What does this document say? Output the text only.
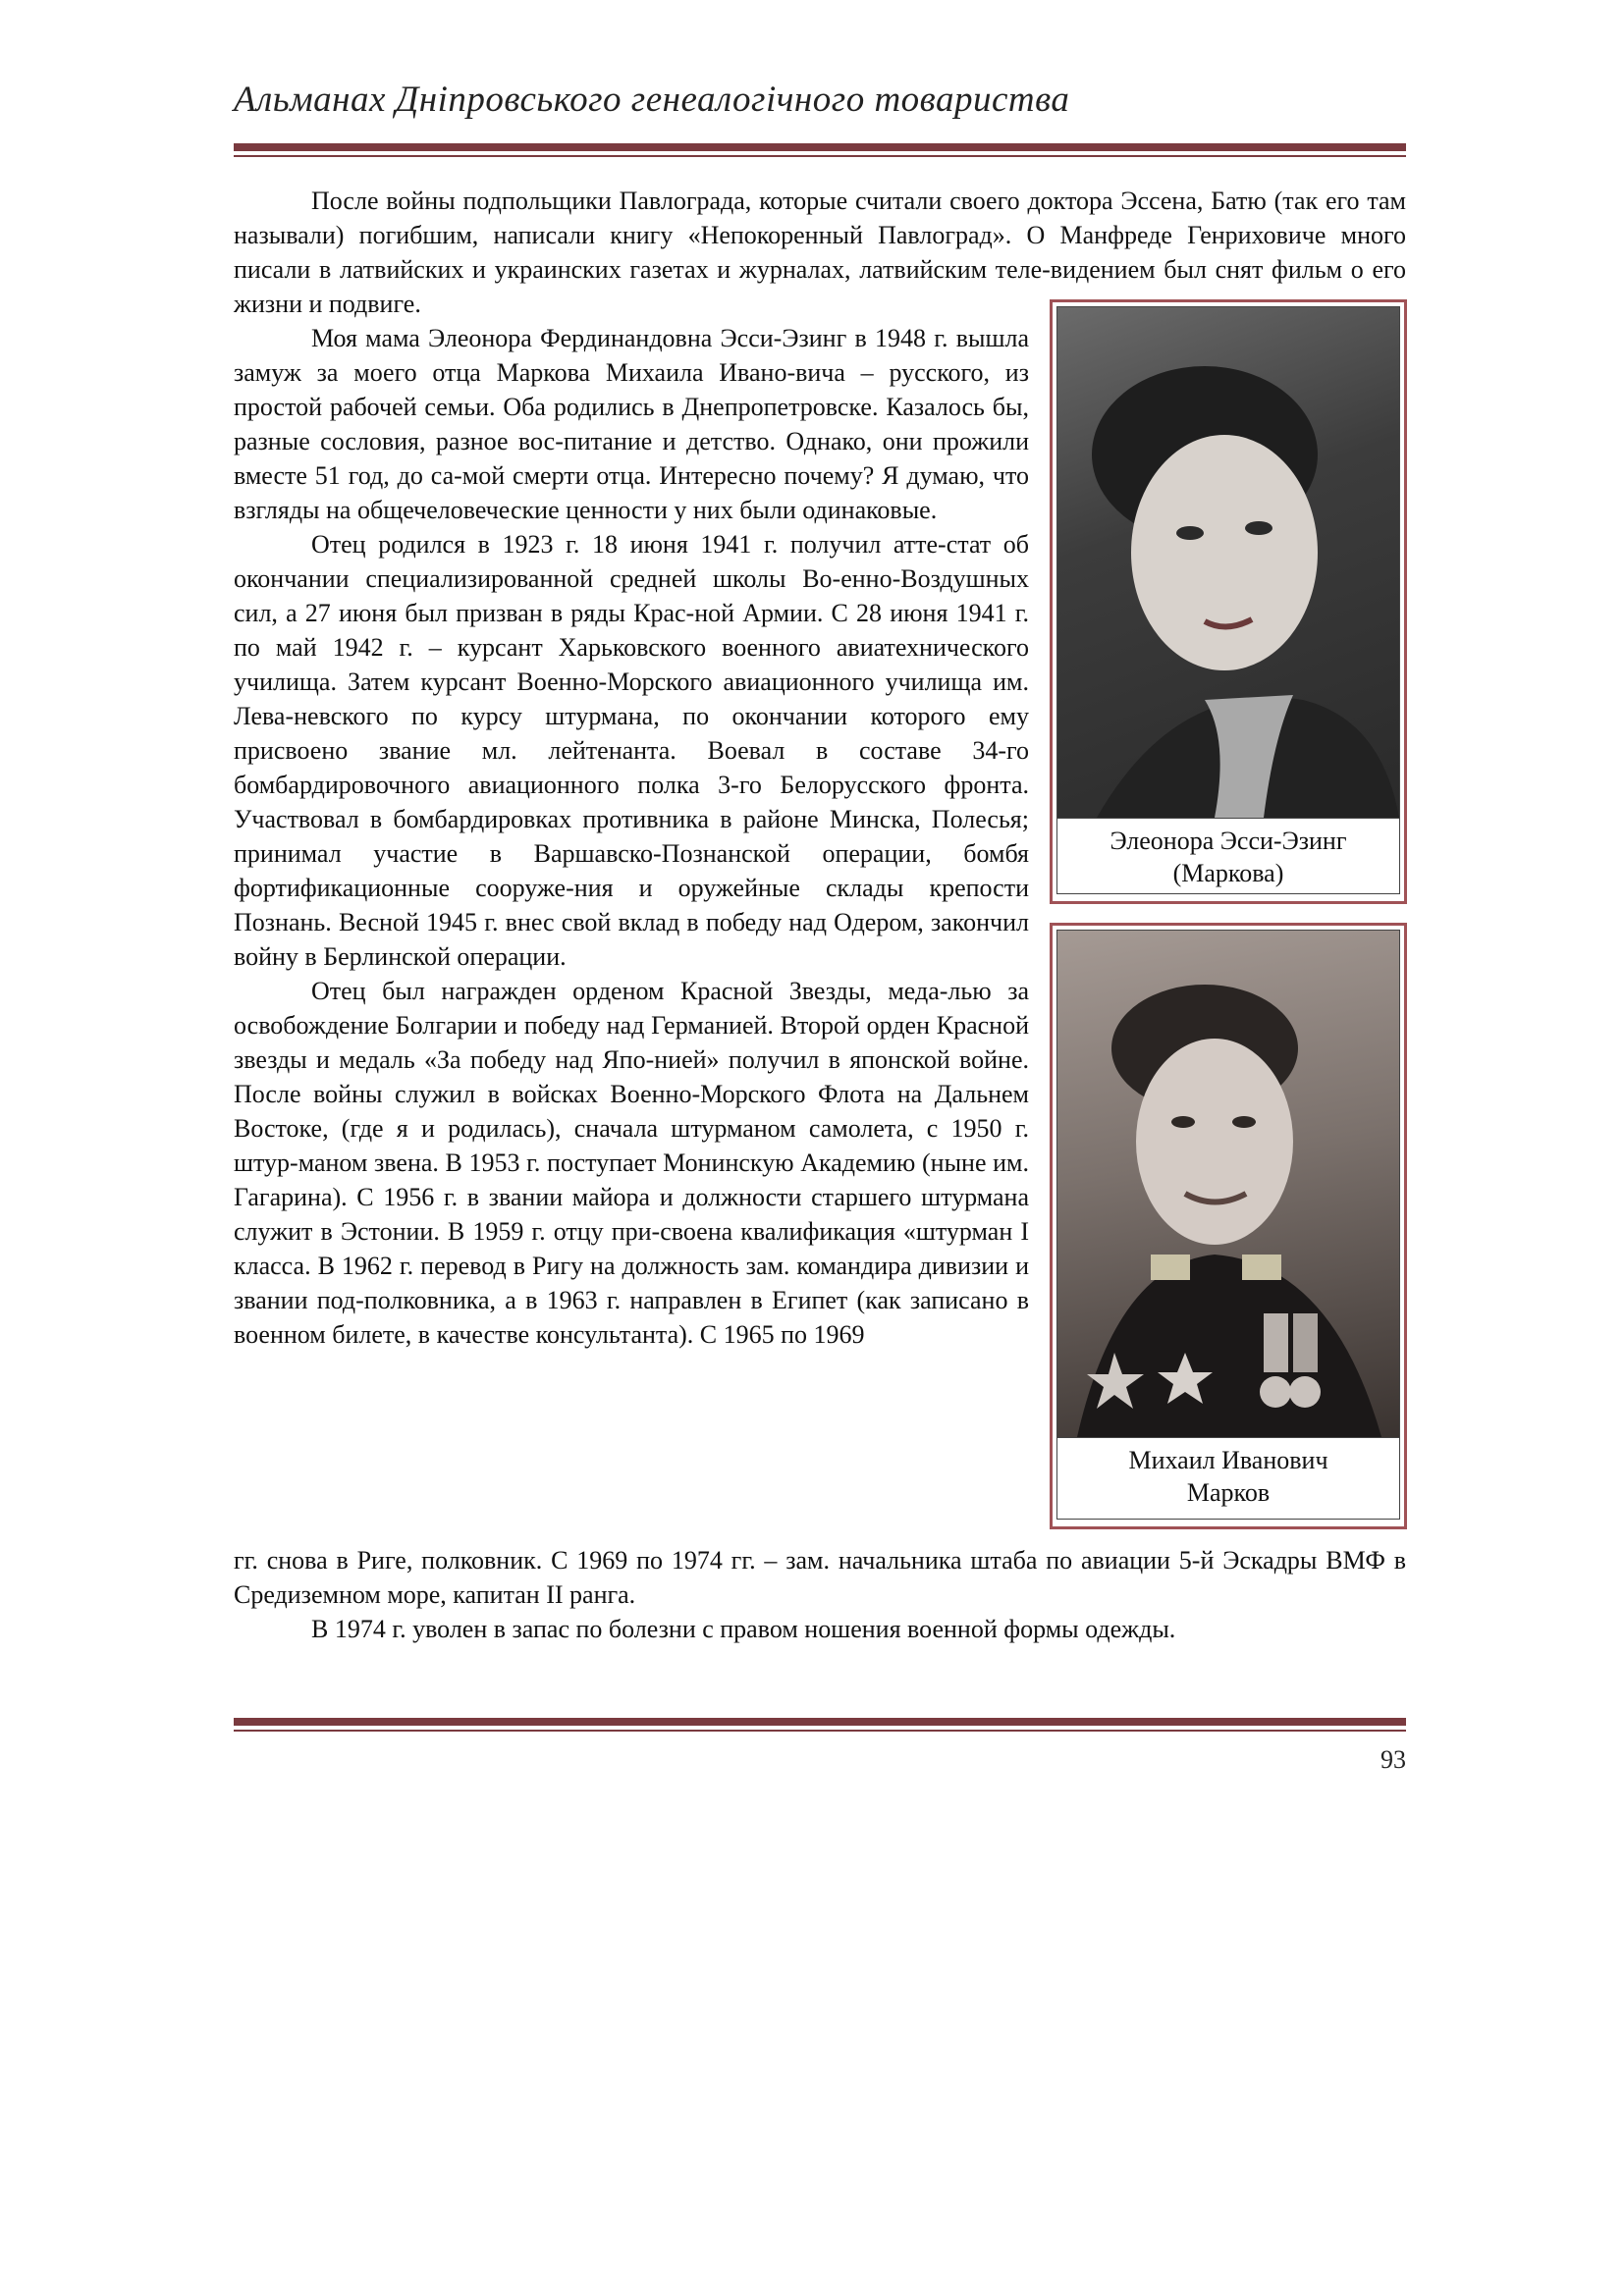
Альманах Дніпровського генеалогічного товариства

После войны подпольщики Павлограда, которые считали своего доктора Эссена, Батю (так его там называли) погибшим, написали книгу «Непокоренный Павлоград». О Манфреде Генриховиче много писали в латвийских и украинских газетах и журналах, латвийским теле-видением был снят фильм о его жизни и подвиге.

Моя мама Элеонора Фердинандовна Эсси-Эзинг в 1948 г. вышла замуж за моего отца Маркова Михаила Ивано-вича – русского, из простой рабочей семьи. Оба родились в Днепропетровске. Казалось бы, разные сословия, разное вос-питание и детство. Однако, они прожили вместе 51 год, до са-мой смерти отца. Интересно почему? Я думаю, что взгляды на общечеловеческие ценности у них были одинаковые.

Отец родился в 1923 г. 18 июня 1941 г. получил атте-стат об окончании специализированной средней школы Во-енно-Воздушных сил, а 27 июня был призван в ряды Крас-ной Армии. С 28 июня 1941 г. по май 1942 г. – курсант Харьковского военного авиатехнического училища. Затем курсант Военно-Морского авиационного училища им. Лева-невского по курсу штурмана, по окончании которого ему присвоено звание мл. лейтенанта. Воевал в составе 34-го бомбардировочного авиационного полка 3-го Белорусского фронта. Участвовал в бомбардировках противника в районе Минска, Полесья; принимал участие в Варшавско-Познанской операции, бомбя фортификационные сооруже-ния и оружейные склады крепости Познань. Весной 1945 г. внес свой вклад в победу над Одером, закончил войну в Берлинской операции.

Отец был награжден орденом Красной Звезды, меда-лью за освобождение Болгарии и победу над Германией. Второй орден Красной звезды и медаль «За победу над Япо-нией» получил в японской войне. После войны служил в войсках Военно-Морского Флота на Дальнем Востоке, (где я и родилась), сначала штурманом самолета, с 1950 г. штур-маном звена. В 1953 г. поступает Монинскую Академию (ныне им. Гагарина). С 1956 г. в звании майора и должности старшего штурмана служит в Эстонии. В 1959 г. отцу при-своена квалификация «штурман I класса. В 1962 г. перевод в Ригу на должность зам. командира дивизии и звании под-полковника, а в 1963 г. направлен в Египет (как записано в военном билете, в качестве консультанта). С 1965 по 1969

гг. снова в Риге, полковник. С 1969 по 1974 гг. – зам. начальника штаба по авиации 5-й Эскадры ВМФ в Средиземном море, капитан II ранга.

В 1974 г. уволен в запас по болезни с правом ношения военной формы одежды.

Элеонора Эсси-Эзинг
(Маркова)
Михаил Иванович
Марков
93
